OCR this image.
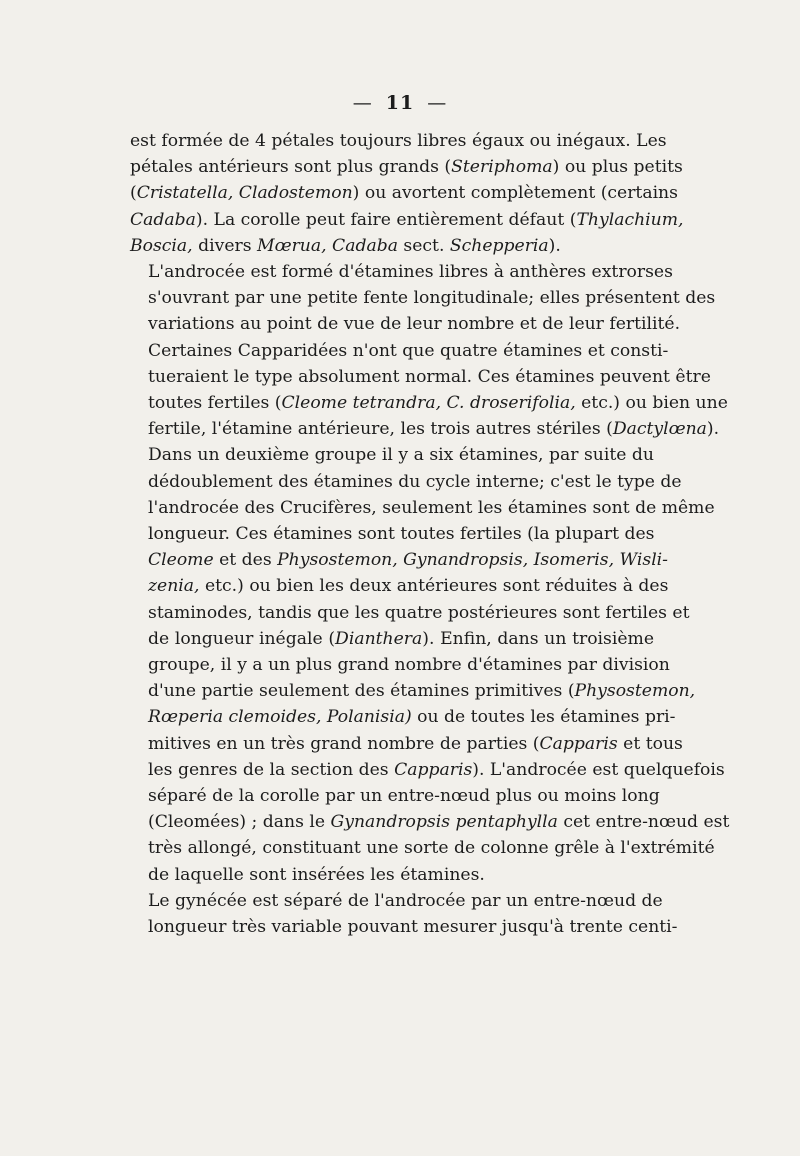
— 11 —
est formée de 4 pétales toujours libres égaux ou inégaux. Les
pétales antérieurs sont plus grands (Steriphoma) ou plus petits
(Cristatella, Cladostemon) ou avortent complètement (certains
Cadaba). La corolle peut faire entièrement défaut (Thylachium,
Boscia, divers Mœrua, Cadaba sect. Schepperia).
L'androcée est formé d'étamines libres à anthères extrorses
s'ouvrant par une petite fente longitudinale; elles présentent des
variations au point de vue de leur nombre et de leur fertilité.
Certaines Capparidées n'ont que quatre étamines et consti-
tueraient le type absolument normal. Ces étamines peuvent être
toutes fertiles (Cleome tetrandra, C. droserifolia, etc.) ou bien une
fertile, l'étamine antérieure, les trois autres stériles (Dactylœna).
Dans un deuxième groupe il y a six étamines, par suite du
dédoublement des étamines du cycle interne; c'est le type de
l'androcée des Crucifères, seulement les étamines sont de même
longueur. Ces étamines sont toutes fertiles (la plupart des
Cleome et des Physostemon, Gynandropsis, Isomeris, Wisli-
zenia, etc.) ou bien les deux antérieures sont réduites à des
staminodes, tandis que les quatre postérieures sont fertiles et
de longueur inégale (Dianthera). Enfin, dans un troisième
groupe, il y a un plus grand nombre d'étamines par division
d'une partie seulement des étamines primitives (Physostemon,
Rœperia clemoides, Polanisia) ou de toutes les étamines pri-
mitives en un très grand nombre de parties (Capparis et tous
les genres de la section des Capparis). L'androcée est quelquefois
séparé de la corolle par un entre-nœud plus ou moins long
(Cleomées) ; dans le Gynandropsis pentaphylla cet entre-nœud est
très allongé, constituant une sorte de colonne grêle à l'extrémité
de laquelle sont insérées les étamines.
Le gynécée est séparé de l'androcée par un entre-nœud de
longueur très variable pouvant mesurer jusqu'à trente centi-
